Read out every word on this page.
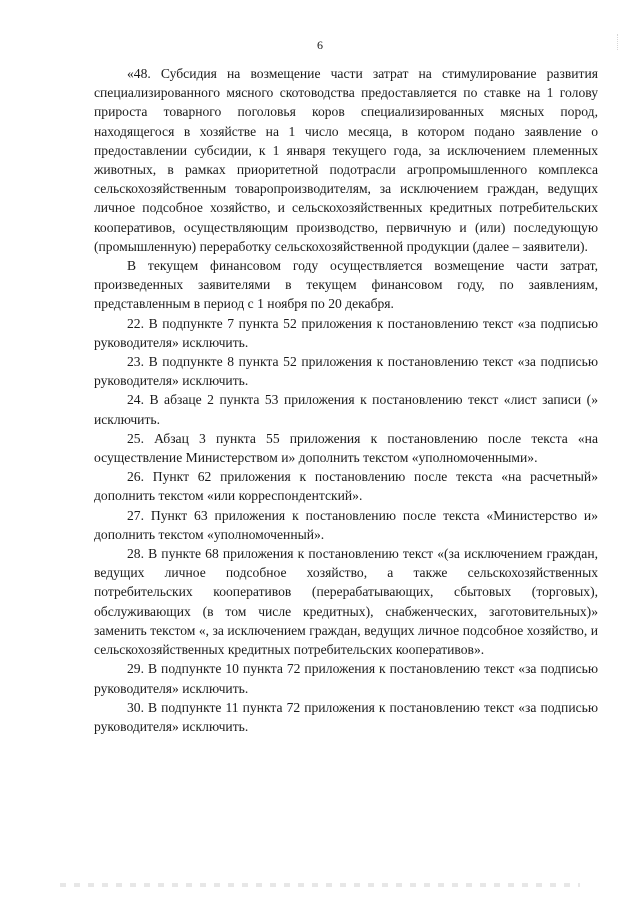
6

«48. Субсидия на возмещение части затрат на стимулирование развития специализированного мясного скотоводства предоставляется по ставке на 1 голову прироста товарного поголовья коров специализированных мясных пород, находящегося в хозяйстве на 1 число месяца, в котором подано заявление о предоставлении субсидии, к 1 января текущего года, за исключением племенных животных, в рамках приоритетной подотрасли агропромышленного комплекса сельскохозяйственным товаропроизводителям, за исключением граждан, ведущих личное подсобное хозяйство, и сельскохозяйственных кредитных потребительских кооперативов, осуществляющим производство, первичную и (или) последующую (промышленную) переработку сельскохозяйственной продукции (далее – заявители).

В текущем финансовом году осуществляется возмещение части затрат, произведенных заявителями в текущем финансовом году, по заявлениям, представленным в период с 1 ноября по 20 декабря.

22. В подпункте 7 пункта 52 приложения к постановлению текст «за подписью руководителя» исключить.

23. В подпункте 8 пункта 52 приложения к постановлению текст «за подписью руководителя» исключить.

24. В абзаце 2 пункта 53 приложения к постановлению текст «лист записи (» исключить.

25. Абзац 3 пункта 55 приложения к постановлению после текста «на осуществление Министерством и» дополнить текстом «уполномоченными».

26. Пункт 62 приложения к постановлению после текста «на расчетный» дополнить текстом «или корреспондентский».

27. Пункт 63 приложения к постановлению после текста «Министерство и» дополнить текстом «уполномоченный».

28. В пункте 68 приложения к постановлению текст «(за исключением граждан, ведущих личное подсобное хозяйство, а также сельскохозяйственных потребительских кооперативов (перерабатывающих, сбытовых (торговых), обслуживающих (в том числе кредитных), снабженческих, заготовительных)» заменить текстом «, за исключением граждан, ведущих личное подсобное хозяйство, и сельскохозяйственных кредитных потребительских кооперативов».

29. В подпункте 10 пункта 72 приложения к постановлению текст «за подписью руководителя» исключить.

30. В подпункте 11 пункта 72 приложения к постановлению текст «за подписью руководителя» исключить.
